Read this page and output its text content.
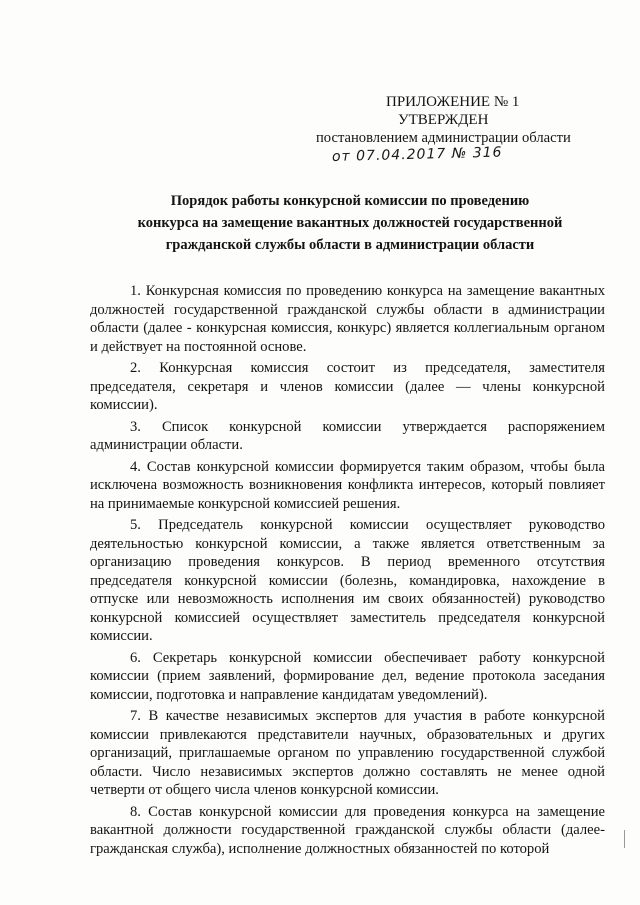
ПРИЛОЖЕНИЕ № 1
УТВЕРЖДЕН
постановлением администрации области
от 07.04.2017 № 316
Порядок работы конкурсной комиссии по проведению
конкурса на замещение вакантных должностей государственной
гражданской службы области в администрации области

1. Конкурсная комиссия по проведению конкурса на замещение вакантных должностей государственной гражданской службы области в администрации области (далее - конкурсная комиссия, конкурс) является коллегиальным органом и действует на постоянной основе.

2. Конкурсная комиссия состоит из председателя, заместителя председателя, секретаря и членов комиссии (далее — члены конкурсной комиссии).

3. Список конкурсной комиссии утверждается распоряжением администрации области.

4. Состав конкурсной комиссии формируется таким образом, чтобы была исключена возможность возникновения конфликта интересов, который повлияет на принимаемые конкурсной комиссией решения.

5. Председатель конкурсной комиссии осуществляет руководство деятельностью конкурсной комиссии, а также является ответственным за организацию проведения конкурсов. В период временного отсутствия председателя конкурсной комиссии (болезнь, командировка, нахождение в отпуске или невозможность исполнения им своих обязанностей) руководство конкурсной комиссией осуществляет заместитель председателя конкурсной комиссии.

6. Секретарь конкурсной комиссии обеспечивает работу конкурсной комиссии (прием заявлений, формирование дел, ведение протокола заседания комиссии, подготовка и направление кандидатам уведомлений).

7. В качестве независимых экспертов для участия в работе конкурсной комиссии привлекаются представители научных, образовательных и других организаций, приглашаемые органом по управлению государственной службой области. Число независимых экспертов должно составлять не менее одной четверти от общего числа членов конкурсной комиссии.

8. Состав конкурсной комиссии для проведения конкурса на замещение вакантной должности государственной гражданской службы области (далее-гражданская служба), исполнение должностных обязанностей по которой
